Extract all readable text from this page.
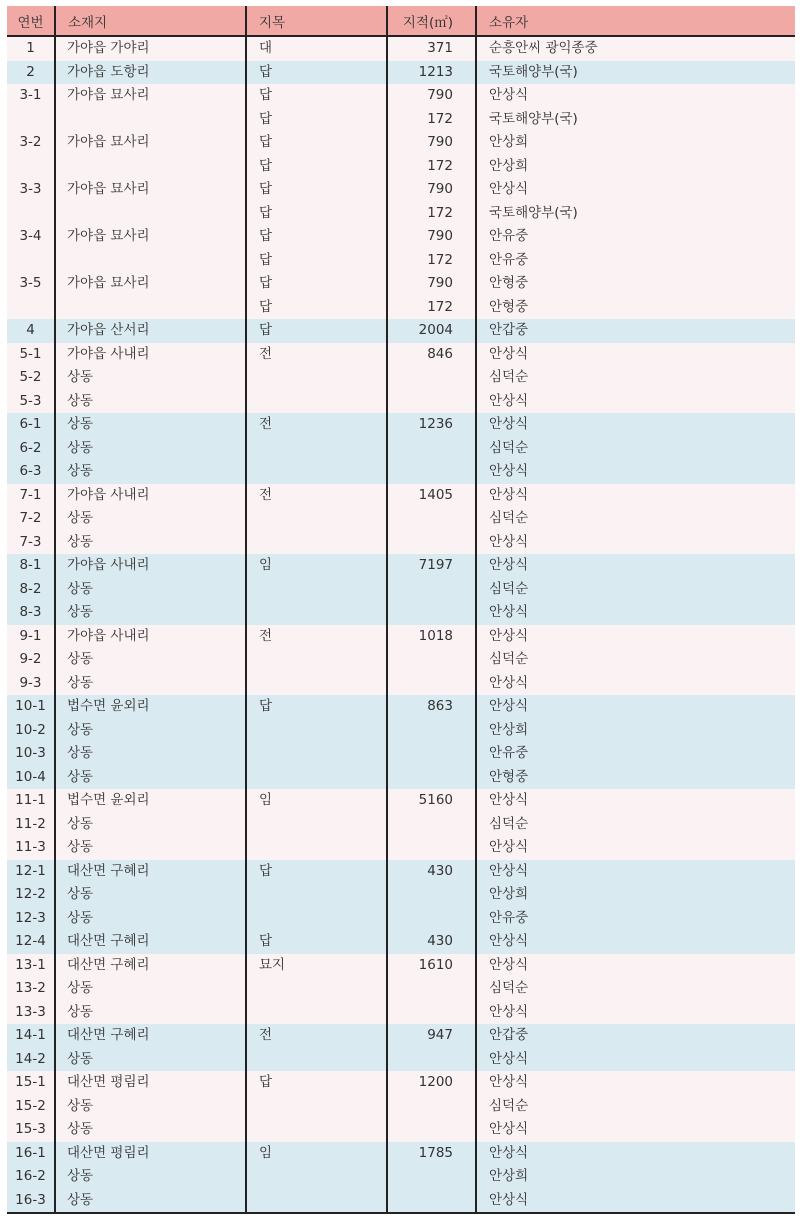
연번	소재지	지목	지적(㎡)	소유자
1	가야읍 가야리	대	371	순흥안씨 광익종중
2	가야읍 도항리	답	1213	국토해양부(국)
3-1	가야읍 묘사리	답	790	안상식
		답	172	국토해양부(국)
3-2	가야읍 묘사리	답	790	안상희
		답	172	안상희
3-3	가야읍 묘사리	답	790	안상식
		답	172	국토해양부(국)
3-4	가야읍 묘사리	답	790	안유중
		답	172	안유중
3-5	가야읍 묘사리	답	790	안형중
		답	172	안형중
4	가야읍 산서리	답	2004	안갑중
5-1	가야읍 사내리	전	846	안상식
5-2	상동			심덕순
5-3	상동			안상식
6-1	상동	전	1236	안상식
6-2	상동			심덕순
6-3	상동			안상식
7-1	가야읍 사내리	전	1405	안상식
7-2	상동			심덕순
7-3	상동			안상식
8-1	가야읍 사내리	임	7197	안상식
8-2	상동			심덕순
8-3	상동			안상식
9-1	가야읍 사내리	전	1018	안상식
9-2	상동			심덕순
9-3	상동			안상식
10-1	법수면 윤외리	답	863	안상식
10-2	상동			안상희
10-3	상동			안유중
10-4	상동			안형중
11-1	법수면 윤외리	임	5160	안상식
11-2	상동			심덕순
11-3	상동			안상식
12-1	대산면 구혜리	답	430	안상식
12-2	상동			안상희
12-3	상동			안유중
12-4	대산면 구혜리	답	430	안상식
13-1	대산면 구혜리	묘지	1610	안상식
13-2	상동			심덕순
13-3	상동			안상식
14-1	대산면 구혜리	전	947	안갑중
14-2	상동			안상식
15-1	대산면 평림리	답	1200	안상식
15-2	상동			심덕순
15-3	상동			안상식
16-1	대산면 평림리	임	1785	안상식
16-2	상동			안상희
16-3	상동			안상식
